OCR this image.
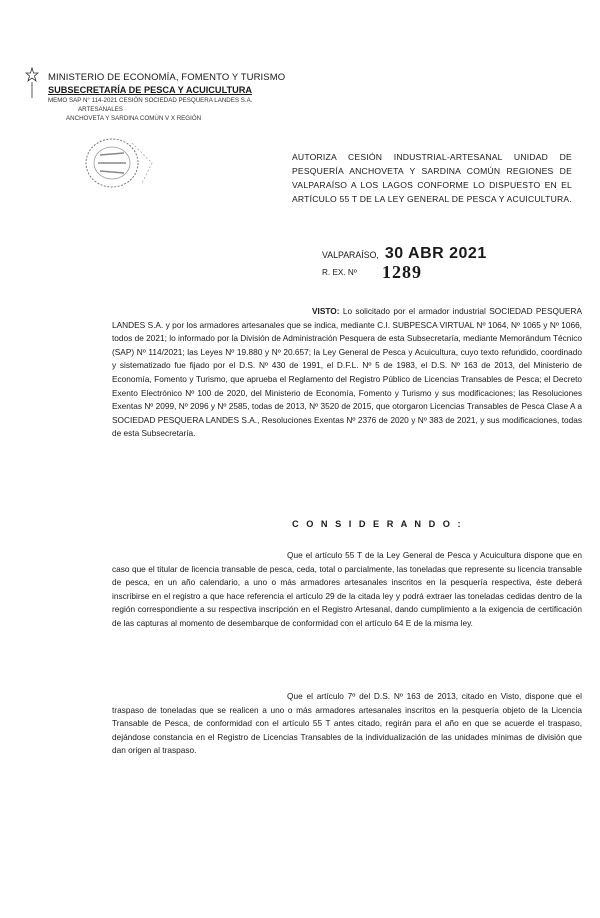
MINISTERIO DE ECONOMÍA, FOMENTO Y TURISMO
SUBSECRETARÍA DE PESCA Y ACUICULTURA
MEMO SAP N° 114-2021 CESIÓN SOCIEDAD PESQUERA LANDES S.A.
ARTESANALES
ANCHOVETA Y SARDINA COMÚN V X REGIÓN
AUTORIZA CESIÓN INDUSTRIAL-ARTESANAL UNIDAD DE PESQUERÍA ANCHOVETA Y SARDINA COMÚN REGIONES DE VALPARAÍSO A LOS LAGOS CONFORME LO DISPUESTO EN EL ARTÍCULO 55 T DE LA LEY GENERAL DE PESCA Y ACUICULTURA.
VALPARAÍSO, 30 ABR 2021
R. EX. Nº 1289
VISTO: Lo solicitado por el armador industrial SOCIEDAD PESQUERA LANDES S.A. y por los armadores artesanales que se indica, mediante C.I. SUBPESCA VIRTUAL Nº 1064, Nº 1065 y Nº 1066, todos de 2021; lo informado por la División de Administración Pesquera de esta Subsecretaría, mediante Memorándum Técnico (SAP) Nº 114/2021; las Leyes Nº 19.880 y Nº 20.657; la Ley General de Pesca y Acuicultura, cuyo texto refundido, coordinado y sistematizado fue fijado por el D.S. Nº 430 de 1991, el D.F.L. Nº 5 de 1983, el D.S. Nº 163 de 2013, del Ministerio de Economía, Fomento y Turismo, que aprueba el Reglamento del Registro Público de Licencias Transables de Pesca; el Decreto Exento Electrónico Nº 100 de 2020, del Ministerio de Economía, Fomento y Turismo y sus modificaciones; las Resoluciones Exentas Nº 2099, Nº 2096 y Nº 2585, todas de 2013, Nº 3520 de 2015, que otorgaron Licencias Transables de Pesca Clase A a SOCIEDAD PESQUERA LANDES S.A., Resoluciones Exentas Nº 2376 de 2020 y Nº 383 de 2021, y sus modificaciones, todas de esta Subsecretaría.
C O N S I D E R A N D O :
Que el artículo 55 T de la Ley General de Pesca y Acuicultura dispone que en caso que el titular de licencia transable de pesca, ceda, total o parcialmente, las toneladas que represente su licencia transable de pesca, en un año calendario, a uno o más armadores artesanales inscritos en la pesquería respectiva, éste deberá inscribirse en el registro a que hace referencia el artículo 29 de la citada ley y podrá extraer las toneladas cedidas dentro de la región correspondiente a su respectiva inscripción en el Registro Artesanal, dando cumplimiento a la exigencia de certificación de las capturas al momento de desembarque de conformidad con el artículo 64 E de la misma ley.
Que el artículo 7º del D.S. Nº 163 de 2013, citado en Visto, dispone que el traspaso de toneladas que se realicen a uno o más armadores artesanales inscritos en la pesquería objeto de la Licencia Transable de Pesca, de conformidad con el artículo 55 T antes citado, regirán para el año en que se acuerde el traspaso, dejándose constancia en el Registro de Licencias Transables de la individualización de las unidades mínimas de división que dan origen al traspaso.
